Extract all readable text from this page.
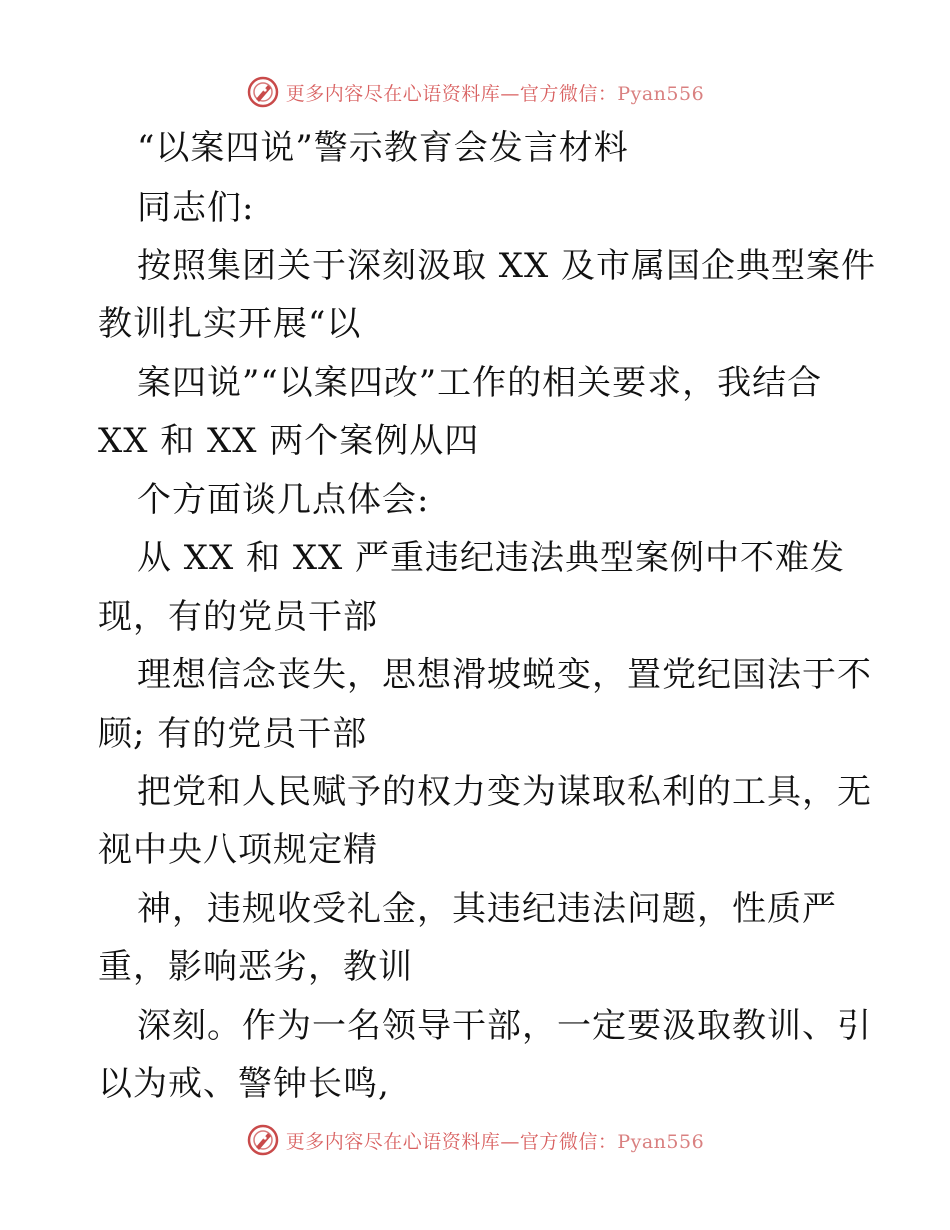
更多内容尽在心语资料库—官方微信：Pyan556
“以案四说”警示教育会发言材料
同志们:
按照集团关于深刻汲取 XX 及市属国企典型案件
教训扎实开展“以
案四说”“以案四改”工作的相关要求，我结合
XX 和 XX 两个案例从四
个方面谈几点体会:
从 XX 和 XX 严重违纪违法典型案例中不难发
现，有的党员干部
理想信念丧失，思想滑坡蜕变，置党纪国法于不
顾; 有的党员干部
把党和人民赋予的权力变为谋取私利的工具，无
视中央八项规定精
神，违规收受礼金，其违纪违法问题，性质严
重，影响恶劣，教训
深刻。作为一名领导干部，一定要汲取教训、引
以为戒、警钟长鸣,
更多内容尽在心语资料库—官方微信：Pyan556
